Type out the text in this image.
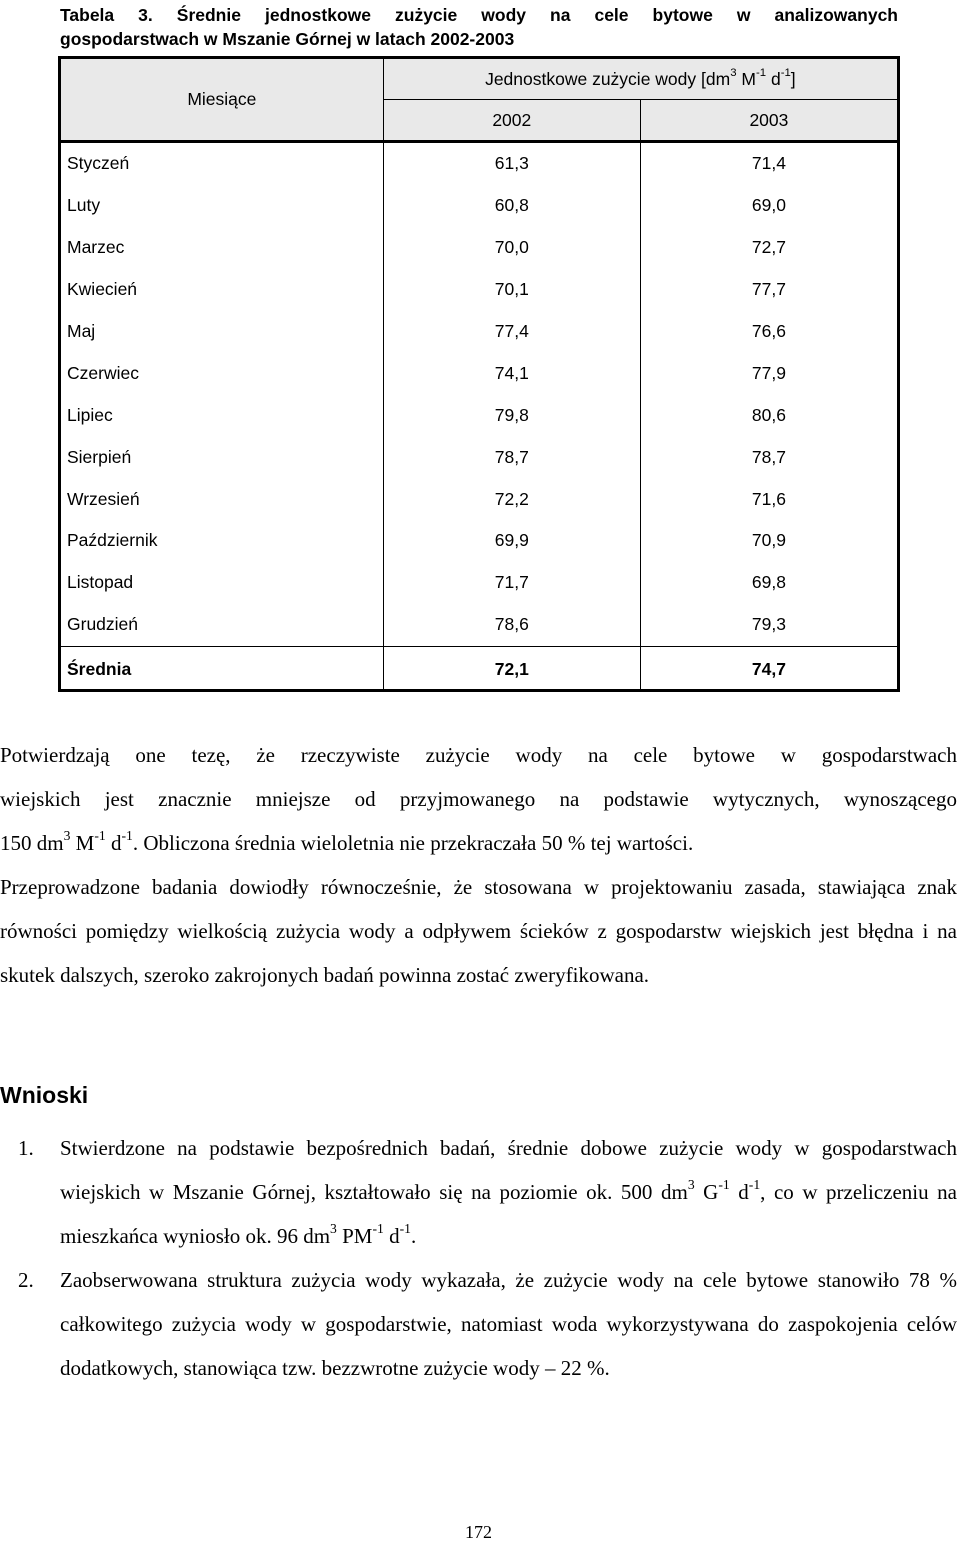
Tabela 3. Średnie jednostkowe zużycie wody na cele bytowe w analizowanych
gospodarstwach w Mszanie Górnej w latach 2002-2003
Miesiące	Jednostkowe zużycie wody [$dm^3$ $M^{-1}$ $d^{-1}$]	
	2002	2003
Styczeń	61,3	71,4
Luty	60,8	69,0
Marzec	70,0	72,7
Kwiecień	70,1	77,7
Maj	77,4	76,6
Czerwiec	74,1	77,9
Lipiec	79,8	80,6
Sierpień	78,7	78,7
Wrzesień	72,2	71,6
Październik	69,9	70,9
Listopad	71,7	69,8
Grudzień	78,6	79,3
Średnia	72,1	74,7

Potwierdzają one tezę, że rzeczywiste zużycie wody na cele bytowe w gospodarstwach

wiejskich jest znacznie mniejsze od przyjmowanego na podstawie wytycznych, wynoszącego

150 $dm^3$ $M^{-1}$ $d^{-1}$. Obliczona średnia wieloletnia nie przekraczała 50 % tej wartości.

Przeprowadzone badania dowiodły równocześnie, że stosowana w projektowaniu zasada, stawiająca znak równości pomiędzy wielkością zużycia wody a odpływem ścieków z gospodarstw wiejskich jest błędna i na skutek dalszych, szeroko zakrojonych badań powinna zostać zweryfikowana.

Wnioski
1. Stwierdzone na podstawie bezpośrednich badań, średnie dobowe zużycie wody w gospodarstwach wiejskich w Mszanie Górnej, kształtowało się na poziomie ok. 500 $dm^3$ $G^{-1}$ $d^{-1}$, co w przeliczeniu na mieszkańca wyniosło ok. 96 $dm^3$ $PM^{-1}$ $d^{-1}$.
2. Zaobserwowana struktura zużycia wody wykazała, że zużycie wody na cele bytowe stanowiło 78 % całkowitego zużycia wody w gospodarstwie, natomiast woda wykorzystywana do zaspokojenia celów dodatkowych, stanowiąca tzw. bezzwrotne zużycie wody – 22 %.
172
